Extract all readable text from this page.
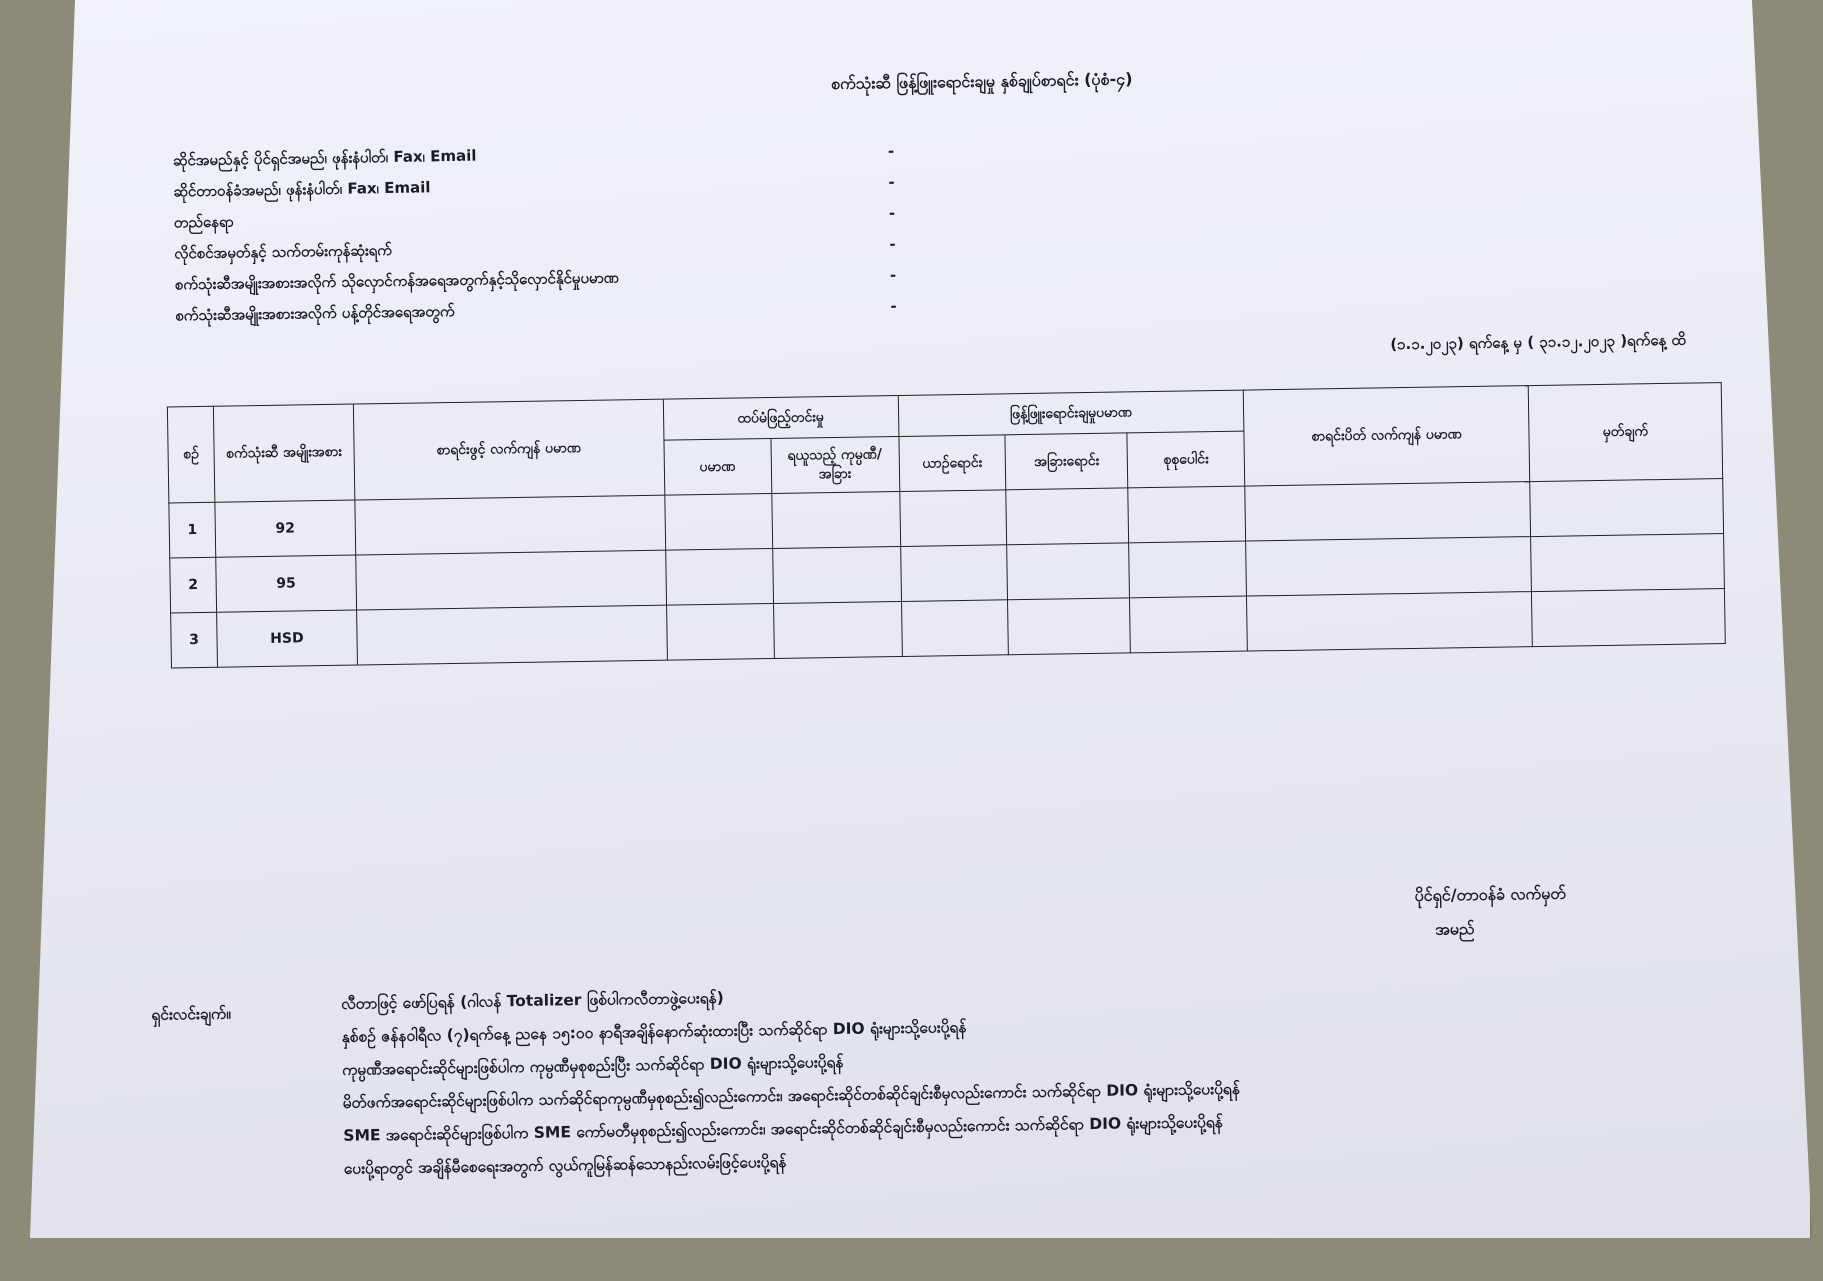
စက်သုံးဆီ ဖြန့်ဖြူးရောင်းချမှု နှစ်ချုပ်စာရင်း (ပုံစံ-၄)
ဆိုင်အမည်နှင့် ပိုင်ရှင်အမည်၊ ဖုန်းနံပါတ်၊ Fax၊ Email	-
ဆိုင်တာဝန်ခံအမည်၊ ဖုန်းနံပါတ်၊ Fax၊ Email	-
တည်နေရာ	-
လိုင်စင်အမှတ်နှင့် သက်တမ်းကုန်ဆုံးရက်	-
စက်သုံးဆီအမျိုးအစားအလိုက် သိုလှောင်ကန်အရေအတွက်နှင့်သိုလှောင်နိုင်မှုပမာဏ	-
စက်သုံးဆီအမျိုးအစားအလိုက် ပန့်တိုင်အရေအတွက်	-
(၁.၁.၂၀၂၃) ရက်နေ့ မှ ( ၃၁.၁၂.၂၀၂၃ )ရက်နေ့ ထိ
စဉ်	စက်သုံးဆီ အမျိုးအစား	စာရင်းဖွင့် လက်ကျန် ပမာဏ	ထပ်မံဖြည့်တင်းမှု		ဖြန့်ဖြူးရောင်းချမှုပမာဏ			စာရင်းပိတ် လက်ကျန် ပမာဏ	မှတ်ချက်
			ပမာဏ	ရယူသည့် ကုမ္ပဏီ/ အခြား	ယာဉ်ရောင်း	အခြားရောင်း	စုစုပေါင်း		
1	92								
2	95								
3	HSD								
ပိုင်ရှင်/တာဝန်ခံ လက်မှတ်
အမည်
ရှင်းလင်းချက်။
လီတာဖြင့် ဖော်ပြရန် (ဂါလန် Totalizer ဖြစ်ပါကလီတာဖွဲ့ပေးရန်)
နှစ်စဉ် ဇန်နဝါရီလ (၇)ရက်နေ့ ညနေ ၁၅:၀၀ နာရီအချိန်နောက်ဆုံးထားပြီး သက်ဆိုင်ရာ DIO ရုံးများသို့ပေးပို့ရန်
ကုမ္ပဏီအရောင်းဆိုင်များဖြစ်ပါက ကုမ္ပဏီမှစုစည်းပြီး သက်ဆိုင်ရာ DIO ရုံးများသို့ပေးပို့ရန်
မိတ်ဖက်အရောင်းဆိုင်များဖြစ်ပါက သက်ဆိုင်ရာကုမ္ပဏီမှစုစည်း၍လည်းကောင်း၊ အရောင်းဆိုင်တစ်ဆိုင်ချင်းစီမှလည်းကောင်း သက်ဆိုင်ရာ DIO ရုံးများသို့ပေးပို့ရန်
SME အရောင်းဆိုင်များဖြစ်ပါက SME ကော်မတီမှစုစည်း၍လည်းကောင်း၊ အရောင်းဆိုင်တစ်ဆိုင်ချင်းစီမှလည်းကောင်း သက်ဆိုင်ရာ DIO ရုံးများသို့ပေးပို့ရန်
ပေးပို့ရာတွင် အချိန်မီစေရေးအတွက် လွယ်ကူမြန်ဆန်သောနည်းလမ်းဖြင့်ပေးပို့ရန်
